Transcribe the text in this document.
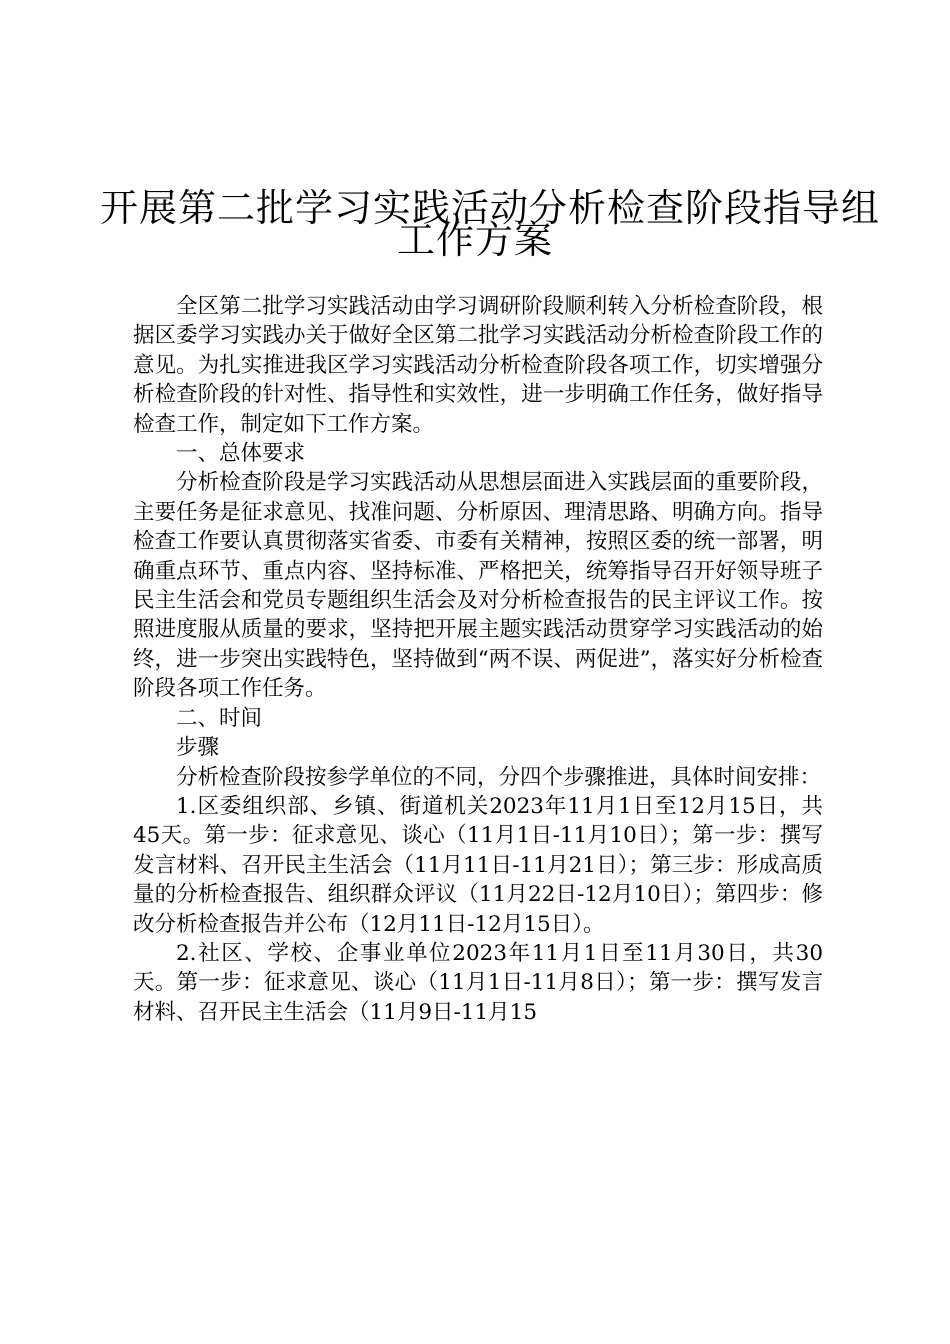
开展第二批学习实践活动分析检查阶段指导组
工作方案

全区第二批学习实践活动由学习调研阶段顺利转入分析检查阶段，根据区委学习实践办关于做好全区第二批学习实践活动分析检查阶段工作的意见。为扎实推进我区学习实践活动分析检查阶段各项工作，切实增强分析检查阶段的针对性、指导性和实效性，进一步明确工作任务，做好指导检查工作，制定如下工作方案。

一、总体要求

分析检查阶段是学习实践活动从思想层面进入实践层面的重要阶段，主要任务是征求意见、找准问题、分析原因、理清思路、明确方向。指导检查工作要认真贯彻落实省委、市委有关精神，按照区委的统一部署，明确重点环节、重点内容、坚持标准、严格把关，统筹指导召开好领导班子民主生活会和党员专题组织生活会及对分析检查报告的民主评议工作。按照进度服从质量的要求，坚持把开展主题实践活动贯穿学习实践活动的始终，进一步突出实践特色，坚持做到“两不误、两促进”，落实好分析检查阶段各项工作任务。

二、时间

步骤

分析检查阶段按参学单位的不同，分四个步骤推进，具体时间安排：

1.区委组织部、乡镇、街道机关2023年11月1日至12月15日，共45天。第一步：征求意见、谈心（11月1日-11月10日）；第一步：撰写发言材料、召开民主生活会（11月11日-11月21日）；第三步：形成高质量的分析检查报告、组织群众评议（11月22日-12月10日）；第四步：修改分析检查报告并公布（12月11日-12月15日）。

2.社区、学校、企事业单位2023年11月1日至11月30日，共30天。第一步：征求意见、谈心（11月1日-11月8日）；第一步：撰写发言材料、召开民主生活会（11月9日-11月15
